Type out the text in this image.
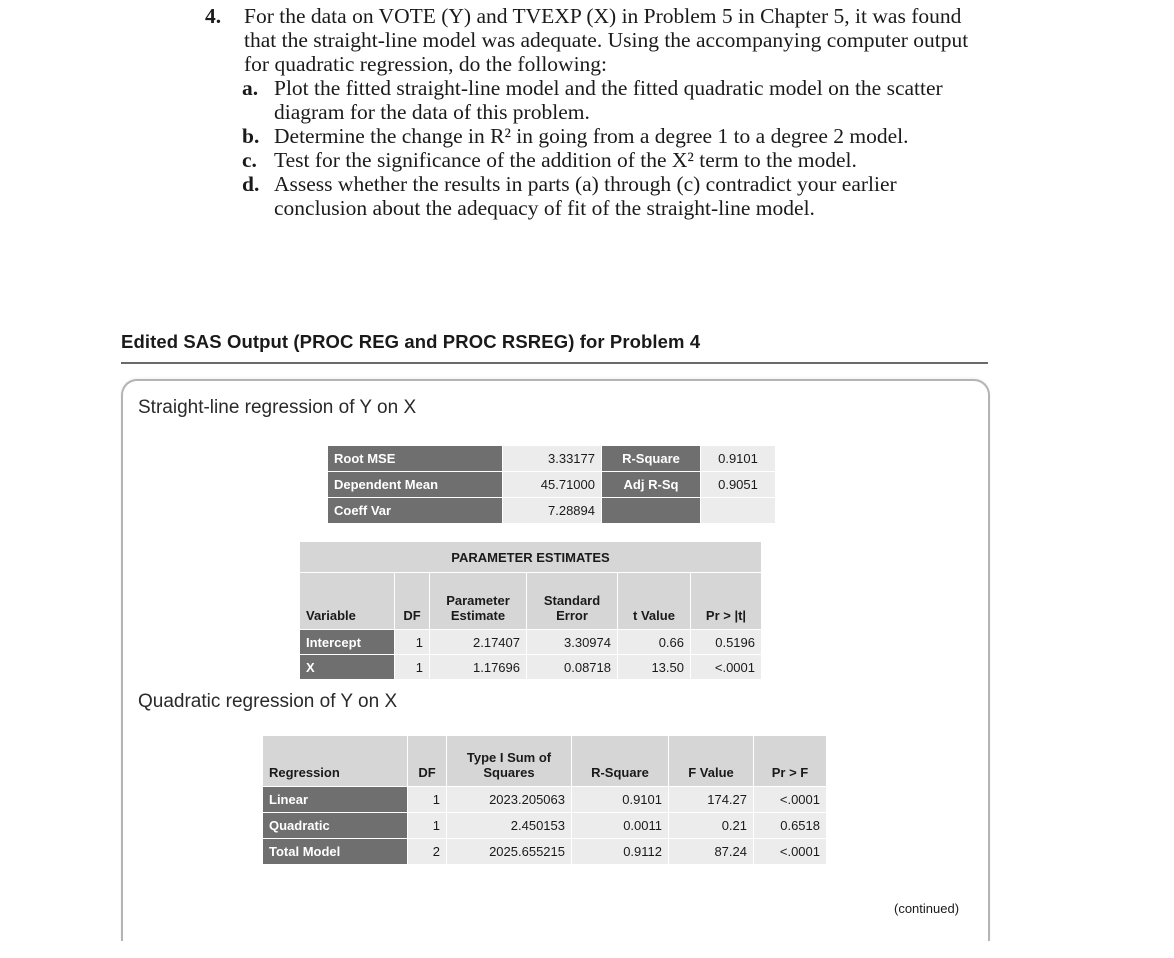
4. For the data on VOTE (Y) and TVEXP (X) in Problem 5 in Chapter 5, it was found
that the straight-line model was adequate. Using the accompanying computer output
for quadratic regression, do the following:
a. Plot the fitted straight-line model and the fitted quadratic model on the scatter
diagram for the data of this problem.
b. Determine the change in R² in going from a degree 1 to a degree 2 model.
c. Test for the significance of the addition of the X² term to the model.
d. Assess whether the results in parts (a) through (c) contradict your earlier
conclusion about the adequacy of fit of the straight-line model.
Edited SAS Output (PROC REG and PROC RSREG) for Problem 4
Straight-line regression of Y on X
Root MSE	3.33177	R-Square	0.9101
Dependent Mean	45.71000	Adj R-Sq	0.9051
Coeff Var	7.28894		
PARAMETER ESTIMATES					
Variable	DF	Parameter Estimate	Standard Error	t Value	Pr > |t|
Intercept	1	2.17407	3.30974	0.66	0.5196
X	1	1.17696	0.08718	13.50	<.0001
Quadratic regression of Y on X
Regression	DF	Type I Sum of Squares	R-Square	F Value	Pr > F
Linear	1	2023.205063	0.9101	174.27	<.0001
Quadratic	1	2.450153	0.0011	0.21	0.6518
Total Model	2	2025.655215	0.9112	87.24	<.0001
(continued)
